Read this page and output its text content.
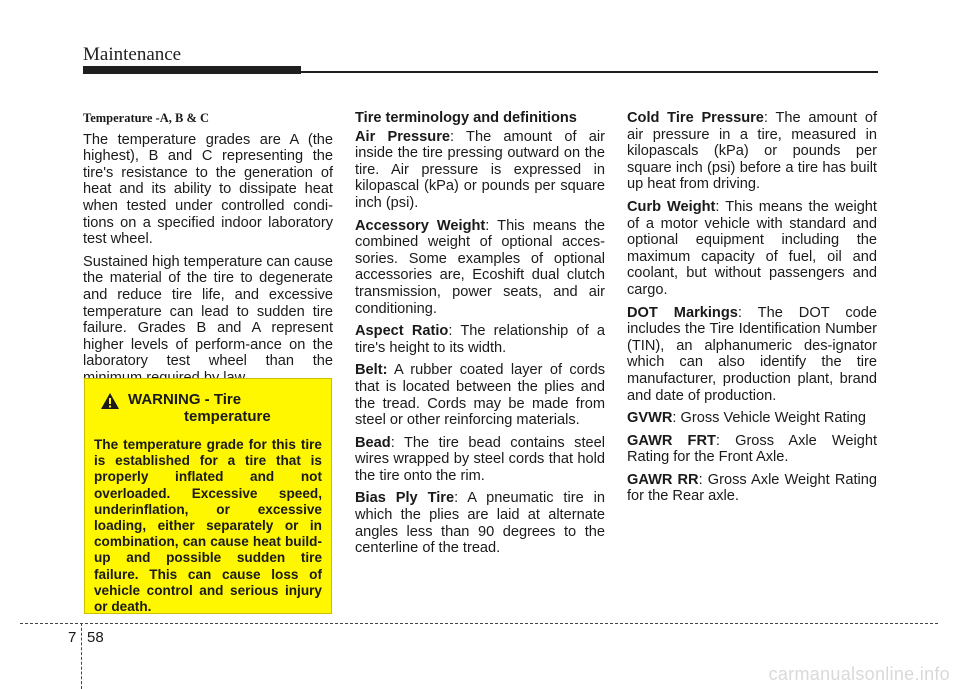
Maintenance
Temperature -A, B & C

The temperature grades are A (the highest), B and C representing the tire's resistance to the generation of heat and its ability to dissipate heat when tested under controlled condi-tions on a specified indoor laboratory test wheel.

Sustained high temperature can cause the material of the tire to degenerate and reduce tire life, and excessive temperature can lead to sudden tire failure. Grades B and A represent higher levels of perform-ance on the laboratory test wheel than the

WARNING - Tire
temperature
The temperature grade for this tire is established for a tire that is properly inflated and not overloaded. Excessive speed, underinflation, or excessive loading, either separately or in combination, can cause heat build-up and possible sudden tire failure. This can cause loss of vehicle control and serious injury or death.
Tire terminology and definitions

Air Pressure: The amount of air inside the tire pressing outward on the tire. Air pressure is expressed in kilopascal (kPa) or pounds per square inch (psi).

Accessory Weight: This means the combined weight of optional acces-sories. Some examples of optional accessories are, Ecoshift dual clutch transmission, power seats, and air conditioning.

Aspect Ratio: The relationship of a tire's height to its width.

Belt: A rubber coated layer of cords that is located between the plies and the tread. Cords may be made from steel or other reinforcing materials.

Bead: The tire bead contains steel wires wrapped by steel cords that hold the tire onto the rim.

Bias Ply Tire: A pneumatic tire in which the plies are laid at alternate angles less than 90 degrees to the centerline of the tread.

Cold Tire Pressure: The amount of air pressure in a tire, measured in kilopascals (kPa) or pounds per square inch (psi) before a tire has built up heat from driving.

Curb Weight: This means the weight of a motor vehicle with standard and optional equipment including the maximum capacity of fuel, oil and coolant, but without passengers and cargo.

DOT Markings: The DOT code includes the Tire Identification Number (TIN), an alphanumeric des-ignator which can also identify the tire manufacturer, production plant, brand and date of production.

GVWR: Gross Vehicle Weight Rating

GAWR FRT: Gross Axle Weight Rating for the Front Axle.

GAWR RR: Gross Axle Weight Rating for the Rear axle.

7 58
carmanualsonline.info
